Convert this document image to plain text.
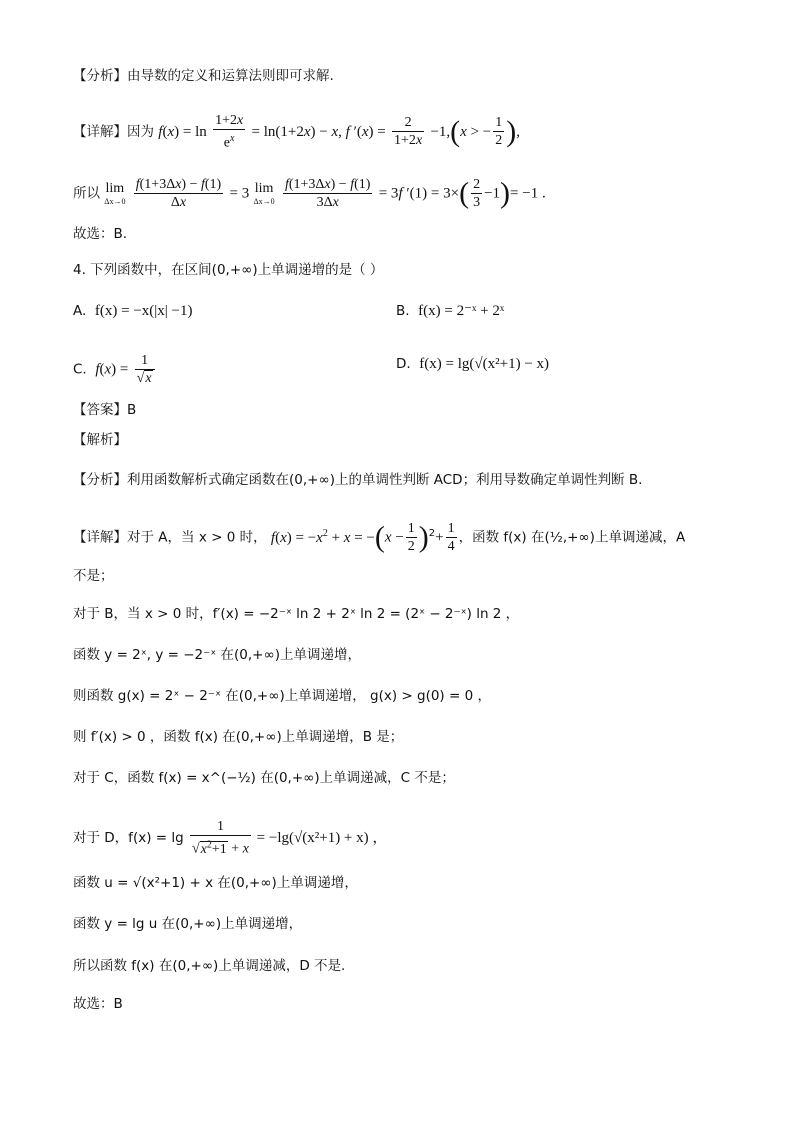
【分析】由导数的定义和运算法则即可求解.
【详解】因为 $f(x) = \ln \frac{1+2x}{e^x} = \ln(1+2x) - x$, f $'(x) = \frac{2}{1+2x} -1,(x$ > − $\frac{1}{2}$ ),
所以 lim
Δx→0
$\frac{f(1+3\Delta x) - f(1)}{\Delta x} = 3$ lim
Δx→0
$\frac{f(1+3\Delta x) - f(1)}{3\Delta x} = 3f$ $'(1) = 3\times( \frac{2}{3} -1)= -1$ .
故选：B.
4. 下列函数中，在区间(0,+∞)上单调递增的是（ ）
A. f(x) = −x(|x| −1)	B. f(x) = 2⁻ˣ + 2ˣ
C. $f(x) = \frac{1}{√x}$	D. f(x) = lg(√(x²+1) − x)
【答案】B
【解析】
【分析】利用函数解析式确定函数在(0,+∞)上的单调性判断 ACD；利用导数确定单调性判断 B.
【详解】对于 A，当 x > 0 时， $f(x) = -x^2 + x = -(x - \frac{1}{2} )^2+ \frac{1}{4}$ ，函数 f(x) 在(½,+∞)上单调递减，A
不是；
对于 B，当 x > 0 时，f′(x) = −2⁻ˣ ln 2 + 2ˣ ln 2 = (2ˣ − 2⁻ˣ) ln 2 ，
函数 y = 2ˣ, y = −2⁻ˣ 在(0,+∞)上单调递增，
则函数 g(x) = 2ˣ − 2⁻ˣ 在(0,+∞)上单调递增， g(x) > g(0) = 0 ，
则 f′(x) > 0 ，函数 f(x) 在(0,+∞)上单调递增，B 是；
对于 C，函数 f(x) = x^(−½) 在(0,+∞)上单调递减，C 不是；
对于 D，$f(x) = \lg \frac{1}{√x^2+1 + x} = -\lg(√(x^2+1) + x)$ ，
函数 u = √(x²+1) + x 在(0,+∞)上单调递增，
函数 y = lg u 在(0,+∞)上单调递增，
所以函数 f(x) 在(0,+∞)上单调递减，D 不是.
故选：B
